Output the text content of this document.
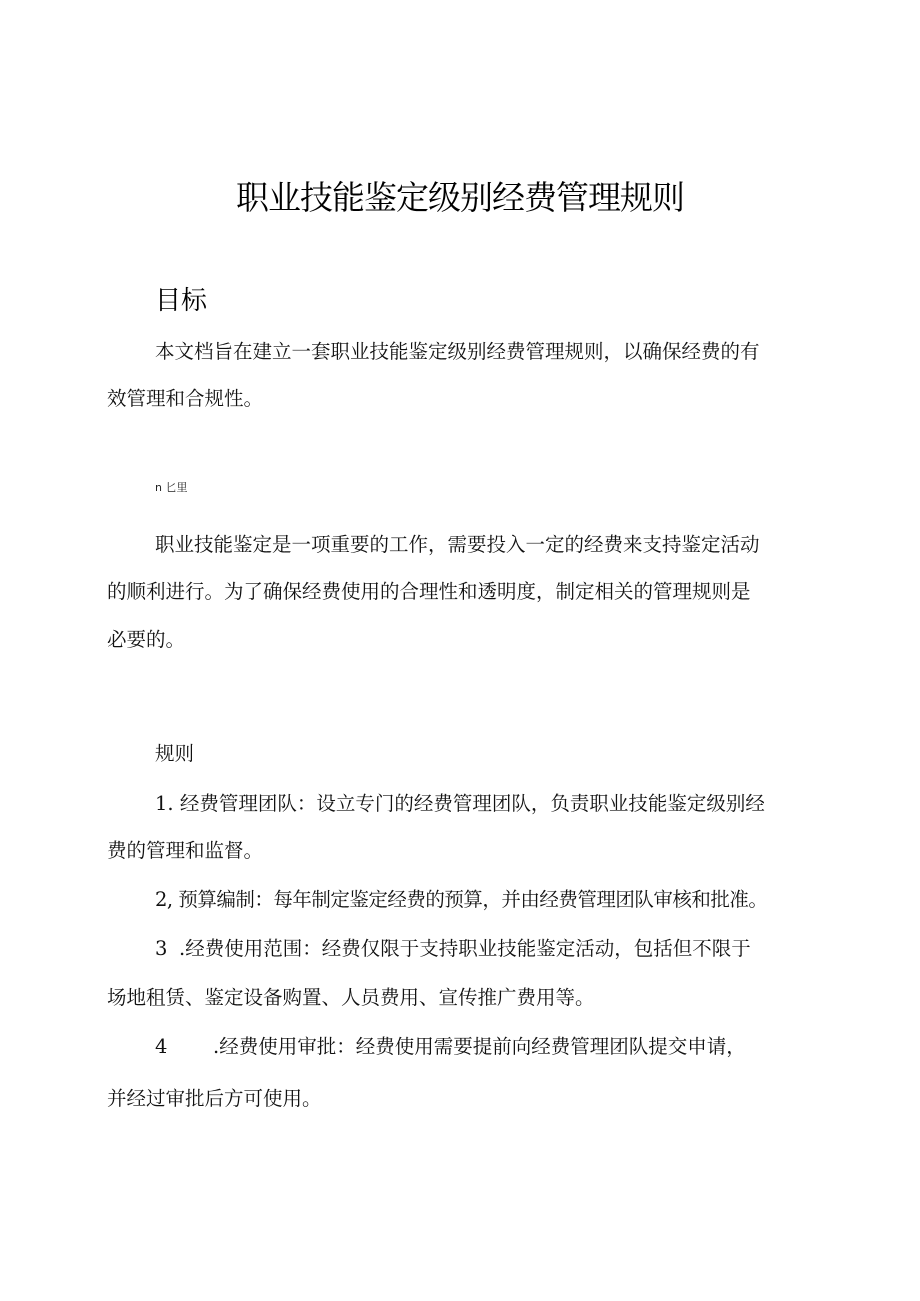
职业技能鉴定级别经费管理规则
目标

本文档旨在建立一套职业技能鉴定级别经费管理规则，以确保经费的有

效管理和合规性。

n 匕里

职业技能鉴定是一项重要的工作，需要投入一定的经费来支持鉴定活动

的顺利进行。为了确保经费使用的合理性和透明度，制定相关的管理规则是

必要的。

规则

1. 经费管理团队：设立专门的经费管理团队，负责职业技能鉴定级别经

费的管理和监督。

2, 预算编制：每年制定鉴定经费的预算，并由经费管理团队审核和批准。

3 .经费使用范围：经费仅限于支持职业技能鉴定活动，包括但不限于

场地租赁、鉴定设备购置、人员费用、宣传推广费用等。

4 .经费使用审批：经费使用需要提前向经费管理团队提交申请，

并经过审批后方可使用。
